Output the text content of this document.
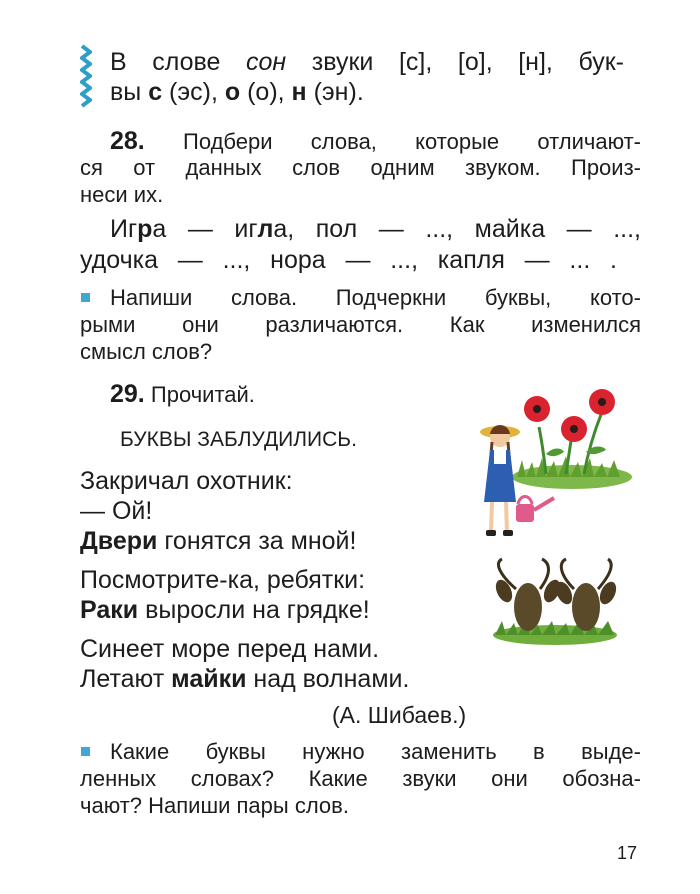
В слове сон звуки [с], [о], [н], бук-
вы с (эс), о (о), н (эн).
28. Подбери слова, которые отличают-
ся от данных слов одним звуком. Произ-
неси их.
Игра — игла, пол — ..., майка — ...,
удочка — ..., нора — ..., капля — ... .
Напиши слова. Подчеркни буквы, кото-
рыми они различаются. Как изменился
смысл слов?
29. Прочитай.
БУКВЫ ЗАБЛУДИЛИСЬ.
Закричал охотник:
— Ой!
Двери гонятся за мной!
Посмотрите-ка, ребятки:
Раки выросли на грядке!
Синеет море перед нами.
Летают майки над волнами.
(А. Шибаев.)
Какие буквы нужно заменить в выде-
ленных словах? Какие звуки они обозна-
чают? Напиши пары слов.
17
